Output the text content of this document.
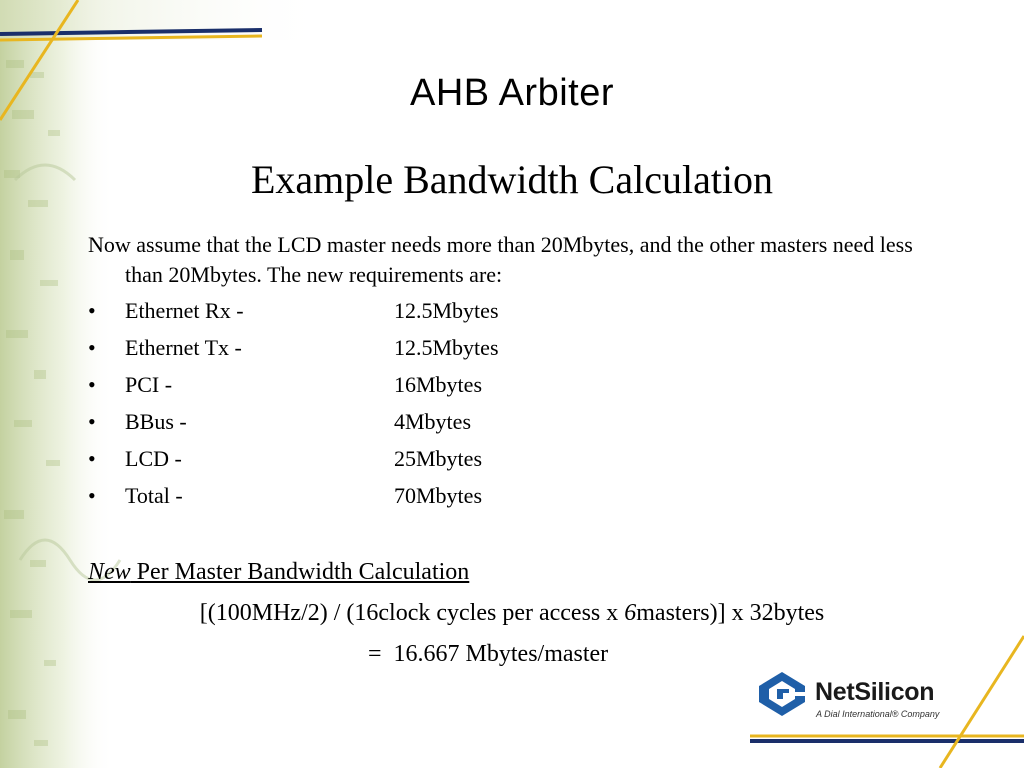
AHB Arbiter
Example Bandwidth Calculation
Now assume that the LCD master needs more than 20Mbytes, and the other masters need less than 20Mbytes. The new requirements are:
•	Ethernet Rx -	12.5Mbytes
•	Ethernet Tx -	12.5Mbytes
•	PCI -	16Mbytes
•	BBus -	4Mbytes
•	LCD -	25Mbytes
•	Total -	70Mbytes
New Per Master Bandwidth Calculation
[(100MHz/2) / (16clock cycles per access x 6masters)] x 32bytes
=  16.667 Mbytes/master
NetSilicon
A Dial International® Company
